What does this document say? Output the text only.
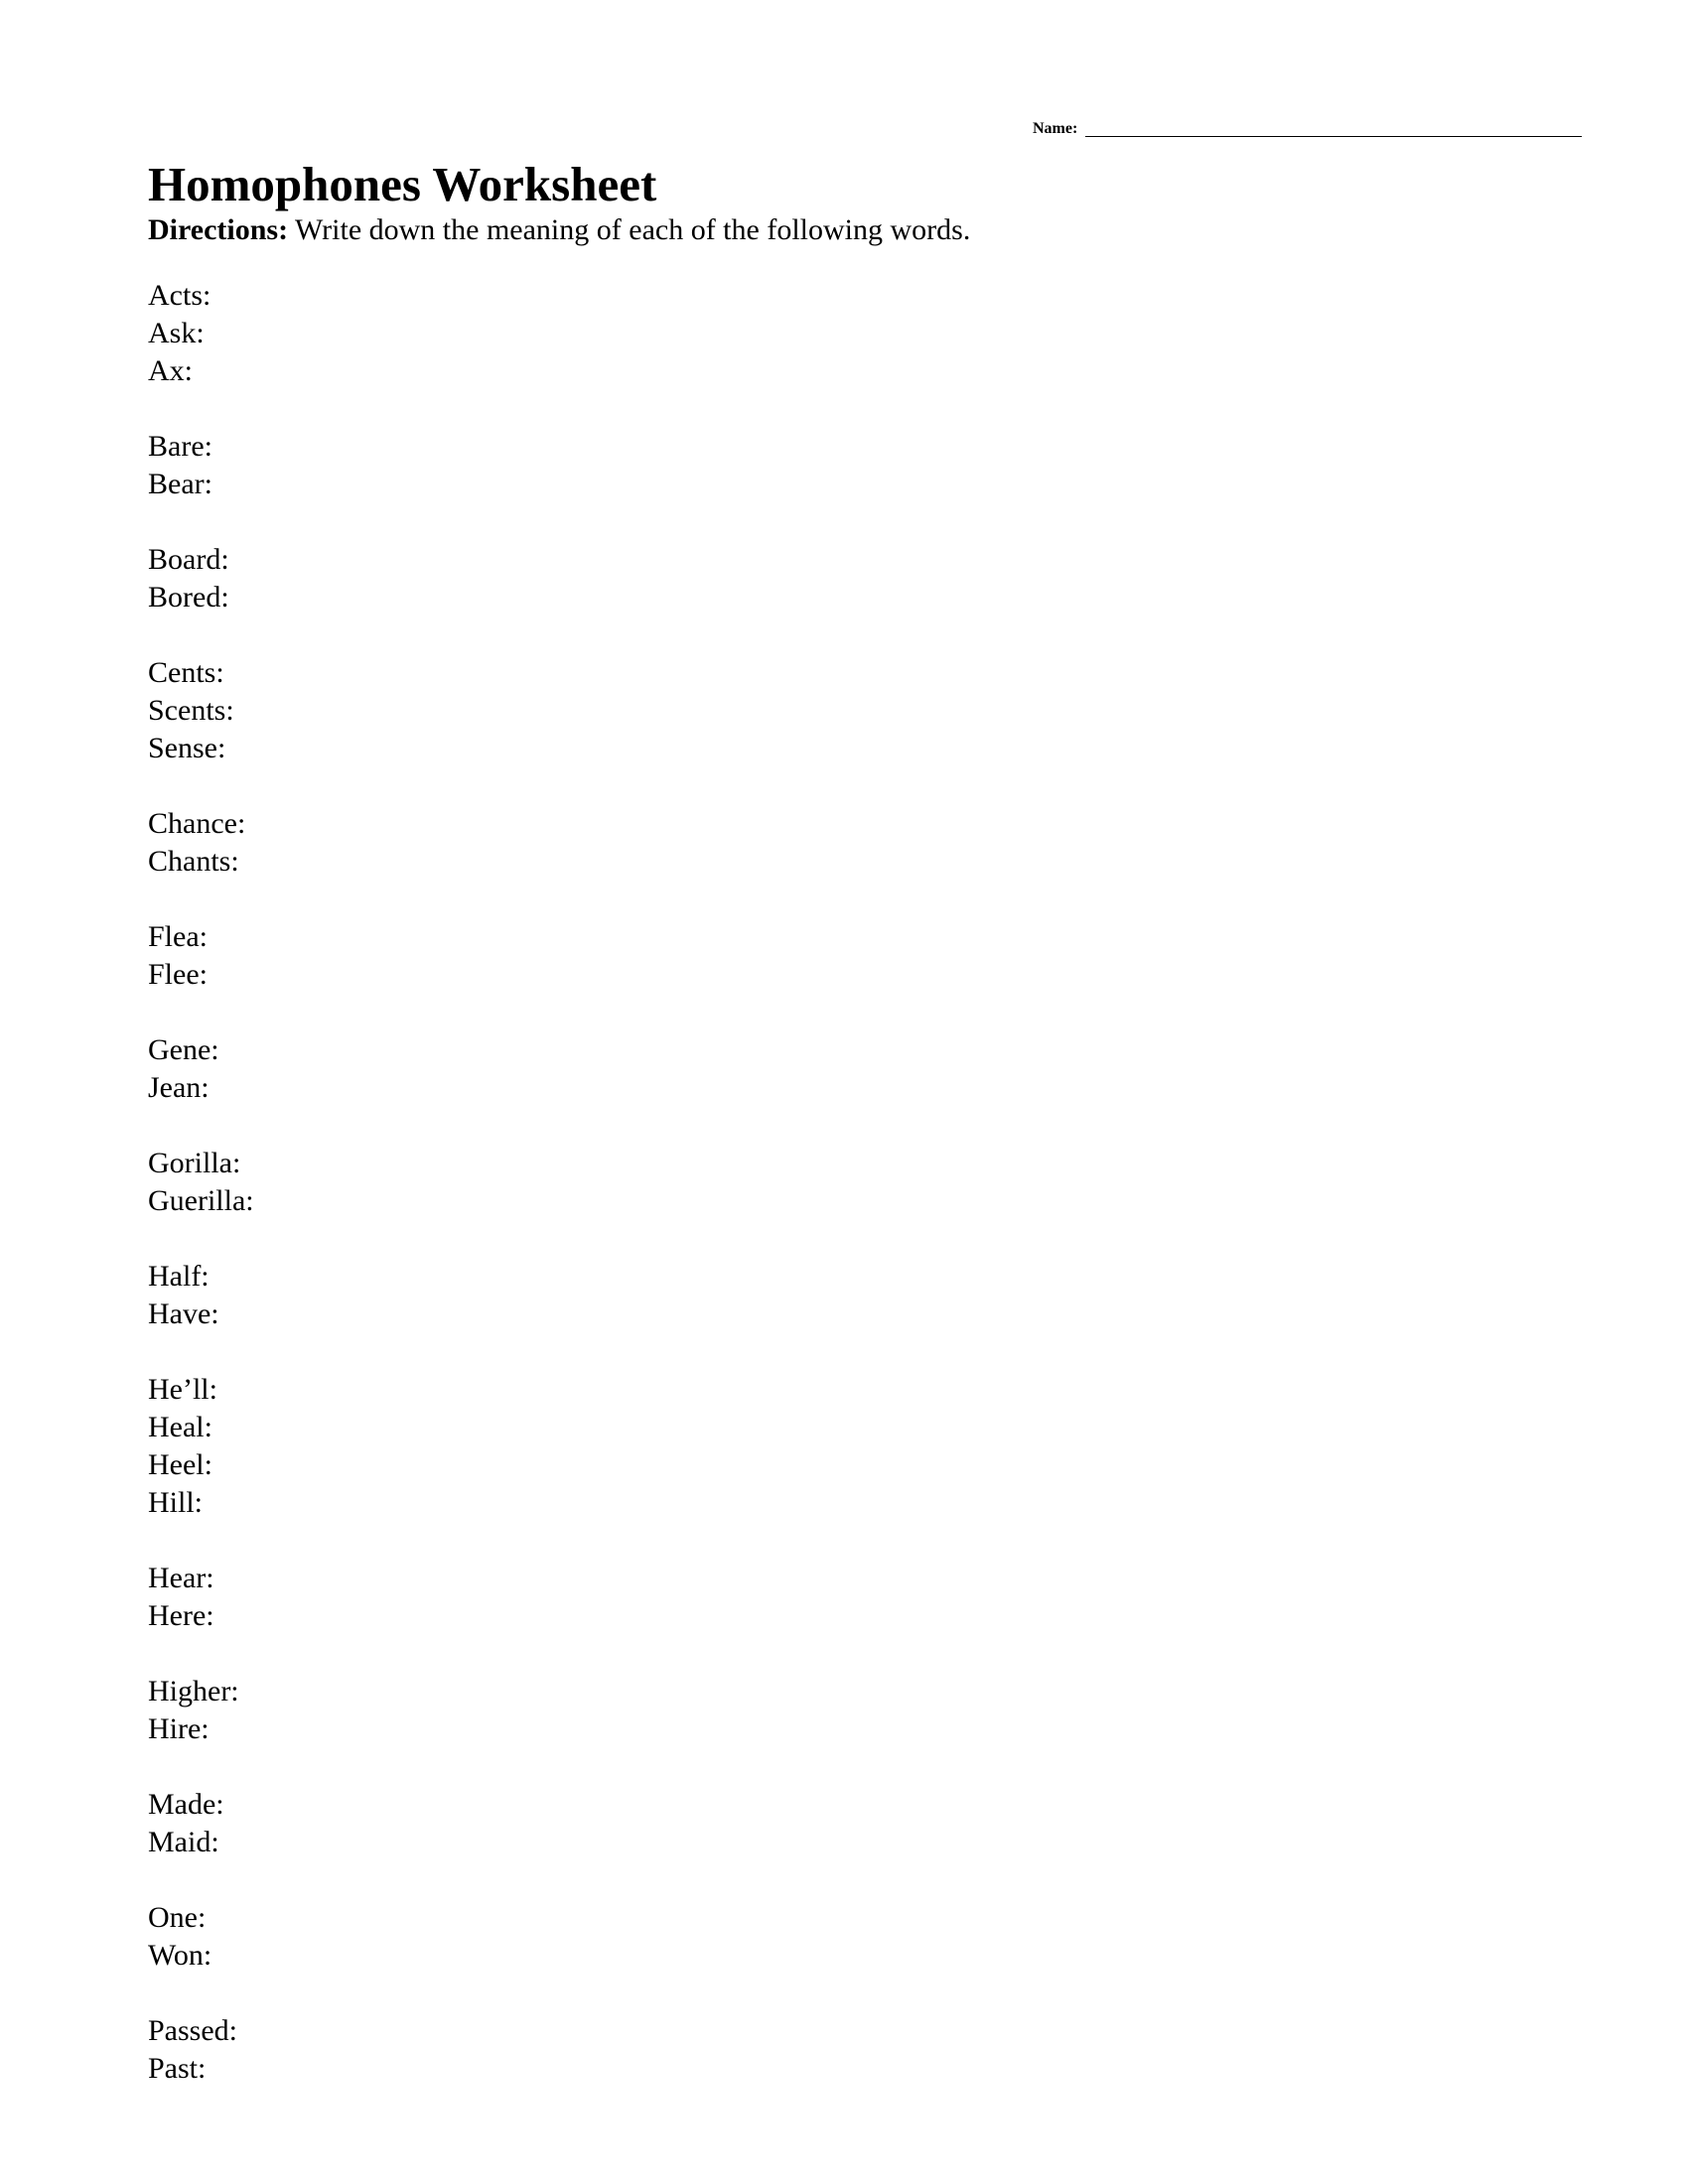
Name:
Homophones Worksheet
Directions: Write down the meaning of each of the following words.
Acts:
Ask:
Ax:
Bare:
Bear:
Board:
Bored:
Cents:
Scents:
Sense:
Chance:
Chants:
Flea:
Flee:
Gene:
Jean:
Gorilla:
Guerilla:
Half:
Have:
He’ll:
Heal:
Heel:
Hill:
Hear:
Here:
Higher:
Hire:
Made:
Maid:
One:
Won:
Passed:
Past:
